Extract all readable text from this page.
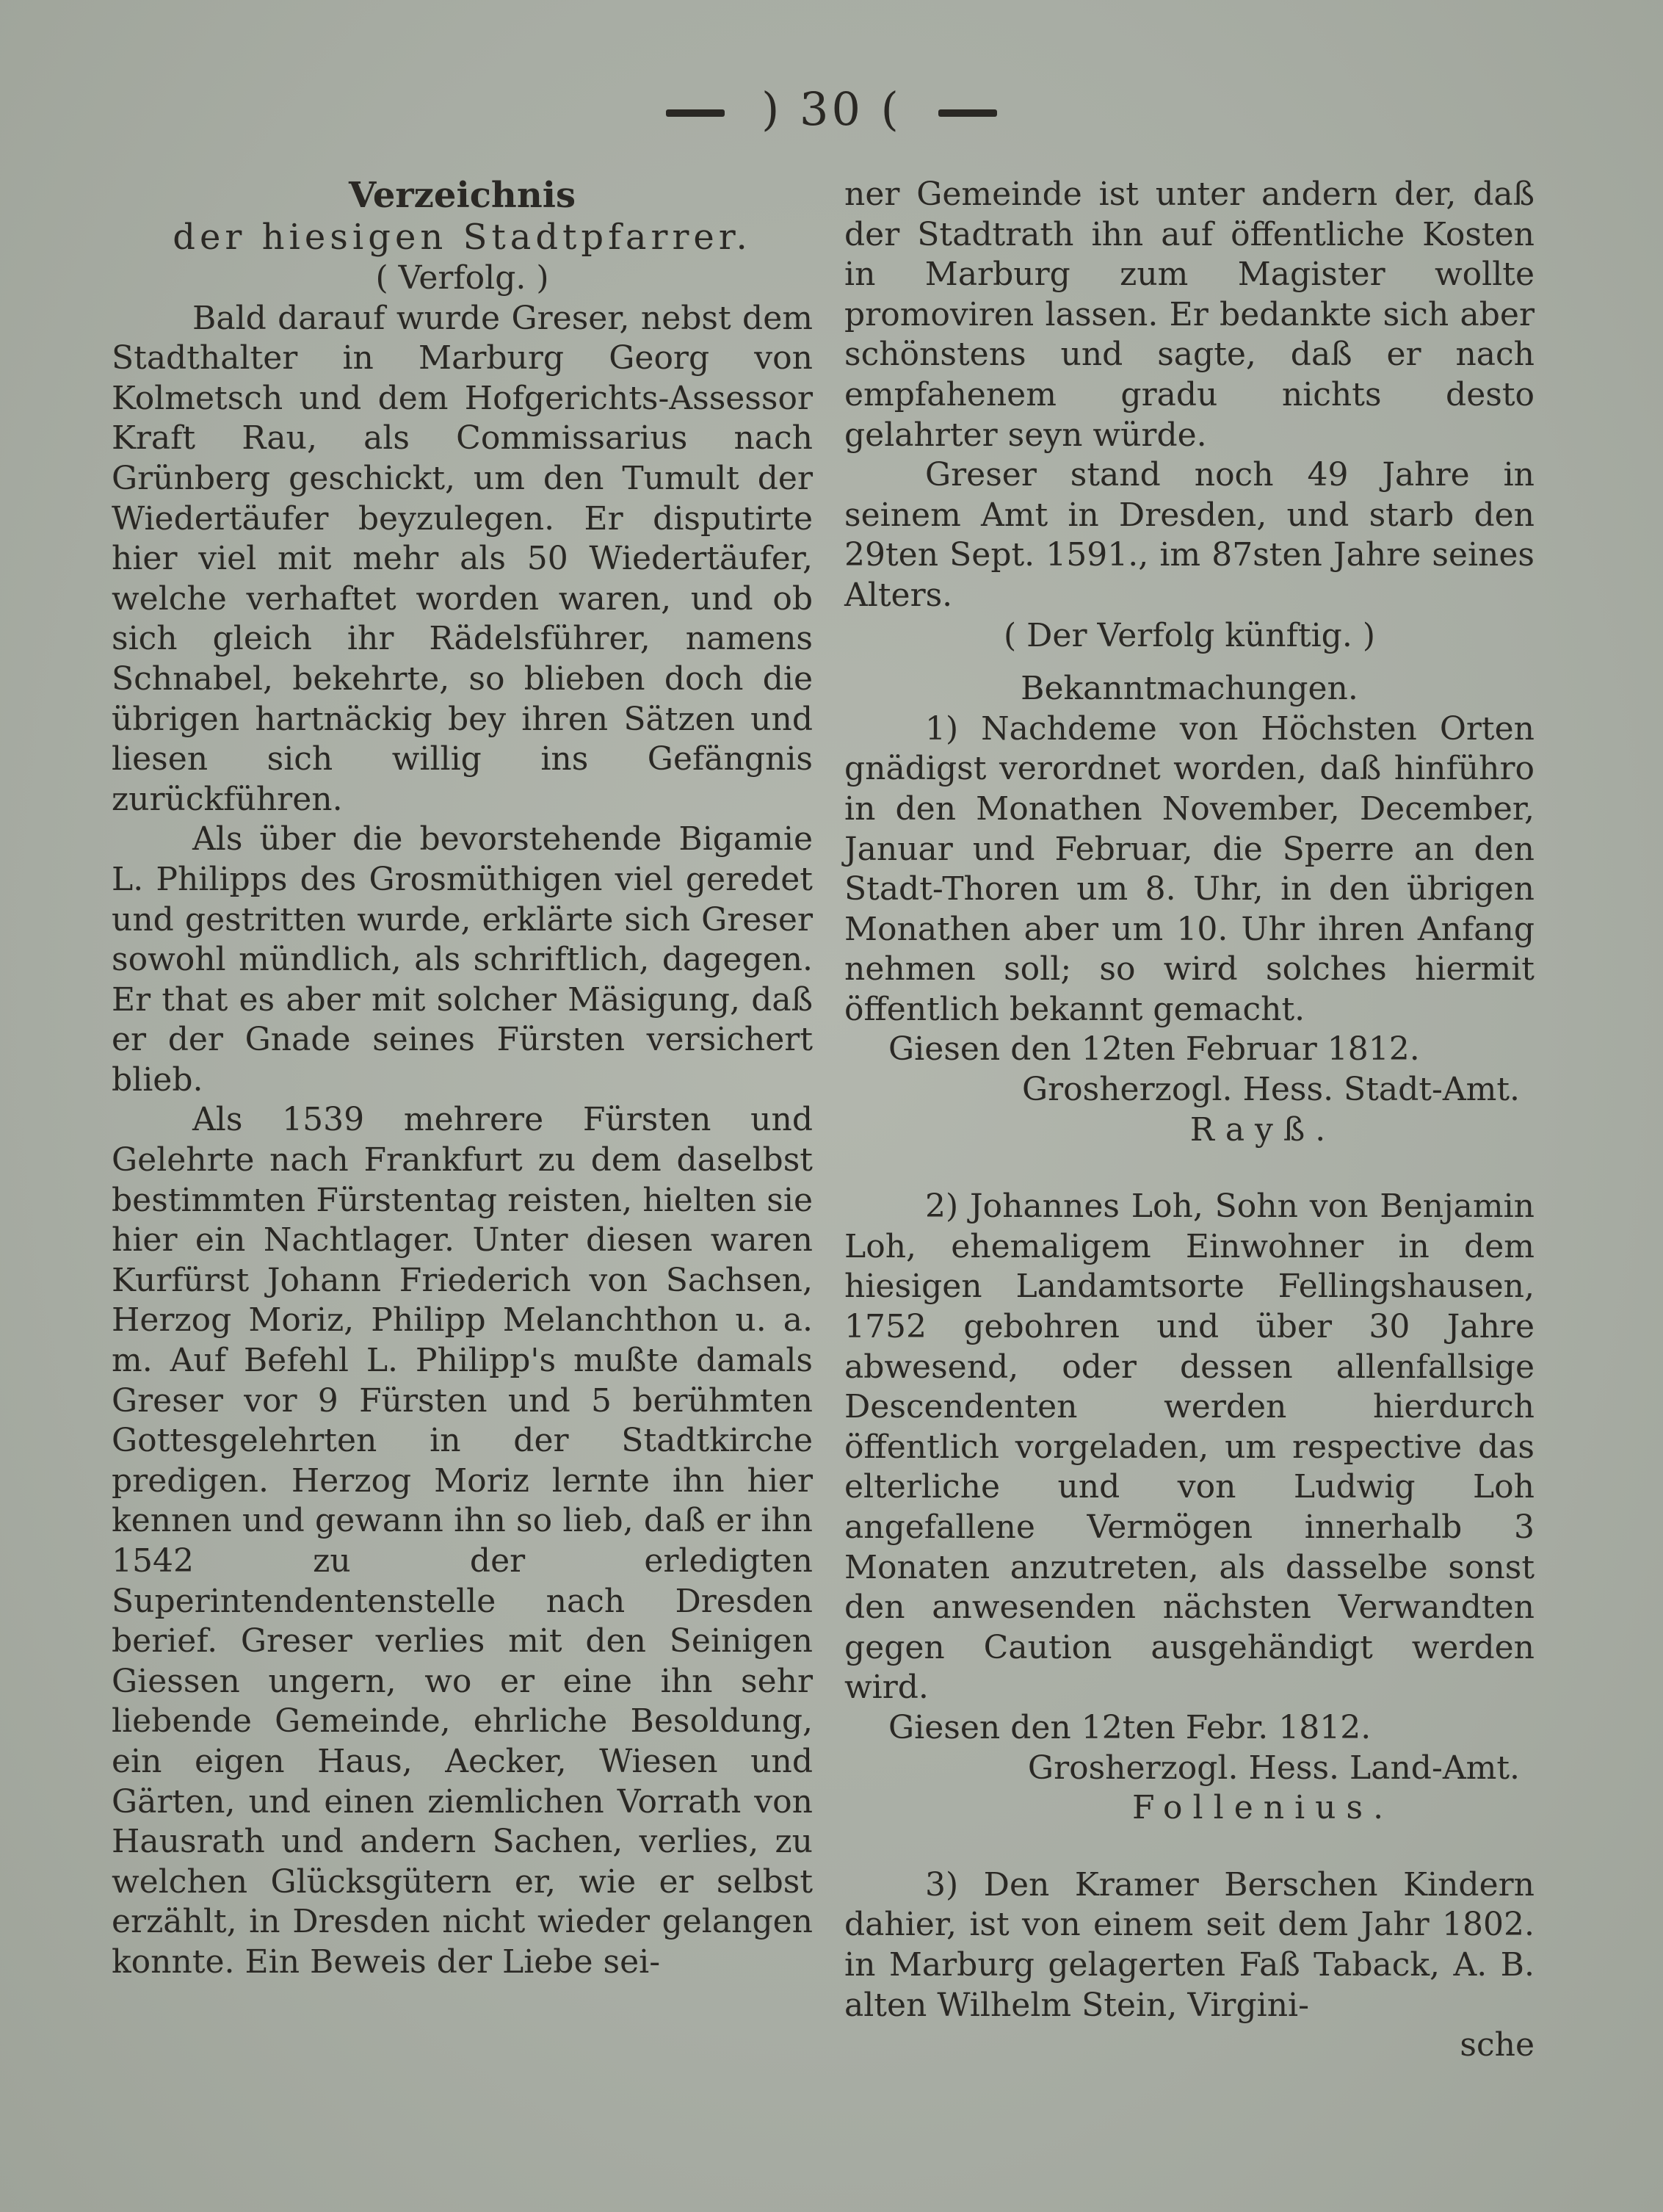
) 30 (

Verzeichnis

der hiesigen Stadtpfarrer.

( Verfolg. )

Bald darauf wurde Greser, nebst dem Stadthalter in Marburg Georg von Kolmetsch und dem Hofgerichts-Assessor Kraft Rau, als Commissarius nach Grünberg geschickt, um den Tumult der Wiedertäufer beyzulegen. Er disputirte hier viel mit mehr als 50 Wiedertäufer, welche verhaftet worden waren, und ob sich gleich ihr Rädelsführer, namens Schnabel, bekehrte, so blieben doch die übrigen hartnäckig bey ihren Sätzen und liesen sich willig ins Gefängnis zurückführen.

Als über die bevorstehende Bigamie L. Philipps des Grosmüthigen viel geredet und gestritten wurde, erklärte sich Greser sowohl mündlich, als schriftlich, dagegen. Er that es aber mit solcher Mäsigung, daß er der Gnade seines Fürsten versichert blieb.

Als 1539 mehrere Fürsten und Gelehrte nach Frankfurt zu dem daselbst bestimmten Fürstentag reisten, hielten sie hier ein Nachtlager. Unter diesen waren Kurfürst Johann Friederich von Sachsen, Herzog Moriz, Philipp Melanchthon u. a. m. Auf Befehl L. Philipp's mußte damals Greser vor 9 Fürsten und 5 berühmten Gottesgelehrten in der Stadtkirche predigen. Herzog Moriz lernte ihn hier kennen und gewann ihn so lieb, daß er ihn 1542 zu der erledigten Superintendentenstelle nach Dresden berief. Greser verlies mit den Seinigen Giessen ungern, wo er eine ihn sehr liebende Gemeinde, ehrliche Besoldung, ein eigen Haus, Aecker, Wiesen und Gärten, und einen ziemlichen Vorrath von Hausrath und andern Sachen, verlies, zu welchen Glücksgütern er, wie er selbst erzählt, in Dresden nicht wieder gelangen konnte. Ein Beweis der Liebe sei-

ner Gemeinde ist unter andern der, daß der Stadtrath ihn auf öffentliche Kosten in Marburg zum Magister wollte promoviren lassen. Er bedankte sich aber schönstens und sagte, daß er nach empfahenem gradu nichts desto gelahrter seyn würde.

Greser stand noch 49 Jahre in seinem Amt in Dresden, und starb den 29ten Sept. 1591., im 87sten Jahre seines Alters.

( Der Verfolg künftig. )

Bekanntmachungen.

1) Nachdeme von Höchsten Orten gnädigst verordnet worden, daß hinführo in den Monathen November, December, Januar und Februar, die Sperre an den Stadt-Thoren um 8. Uhr, in den übrigen Monathen aber um 10. Uhr ihren Anfang nehmen soll; so wird solches hiermit öffentlich bekannt gemacht.

Giesen den 12ten Februar 1812.

Grosherzogl. Hess. Stadt-Amt.

Rayß.

2) Johannes Loh, Sohn von Benjamin Loh, ehemaligem Einwohner in dem hiesigen Landamtsorte Fellingshausen, 1752 gebohren und über 30 Jahre abwesend, oder dessen allenfallsige Descendenten werden hierdurch öffentlich vorgeladen, um respective das elterliche und von Ludwig Loh angefallene Vermögen innerhalb 3 Monaten anzutreten, als dasselbe sonst den anwesenden nächsten Verwandten gegen Caution ausgehändigt werden wird.

Giesen den 12ten Febr. 1812.

Grosherzogl. Hess. Land-Amt.

Follenius.

3) Den Kramer Berschen Kindern dahier, ist von einem seit dem Jahr 1802. in Marburg gelagerten Faß Taback, A. B. alten Wilhelm Stein, Virgini-

sche
